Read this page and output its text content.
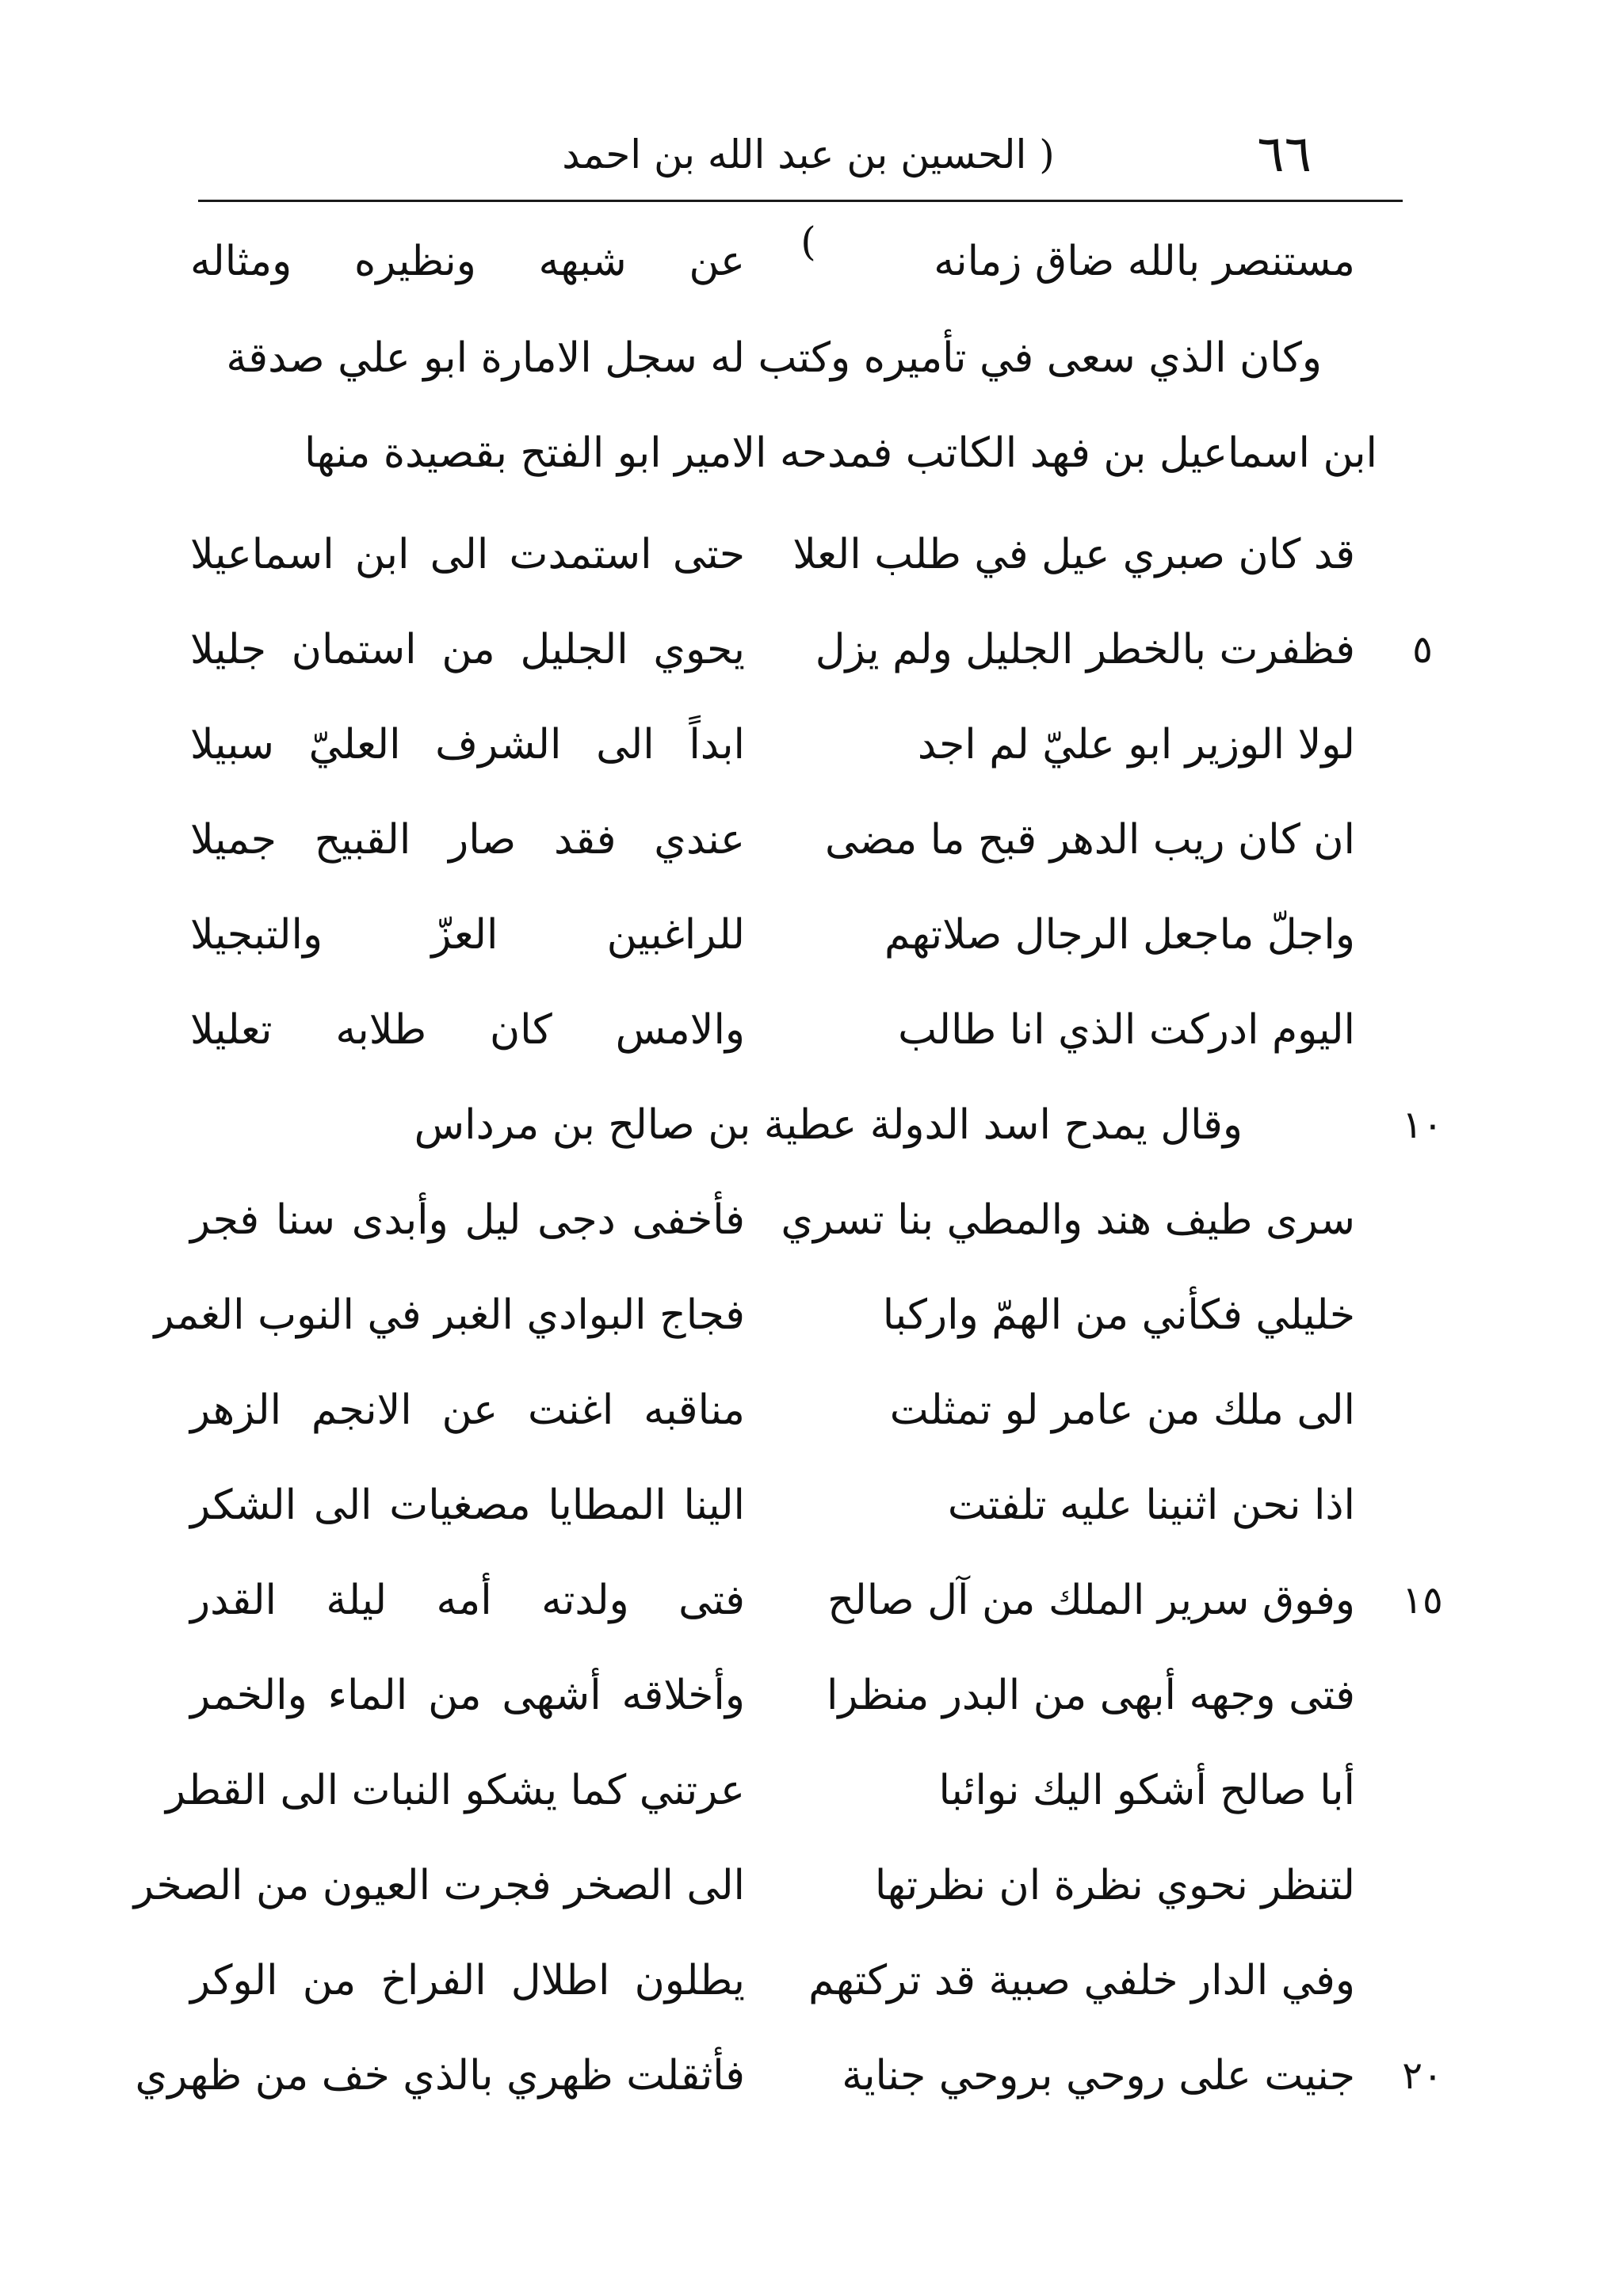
( الحسين بن عبد الله بن احمد )
٦٦
مستنصر بالله ضاق زمانه
عن شبهه ونظيره ومثاله
وكان الذي سعى في تأميره وكتب له سجل الامارة ابو علي صدقة
ابن اسماعيل بن فهد الكاتب فمدحه الامير ابو الفتح بقصيدة منها
قد كان صبري عيل في طلب العلا
حتى استمدت الى ابن اسماعيلا
فظفرت بالخطر الجليل ولم يزل
يحوي الجليل من استمان جليلا	٥
لولا الوزير ابو عليّ لم اجد
ابداً الى الشرف العليّ سبيلا
ان كان ريب الدهر قبح ما مضى
عندي فقد صار القبيح جميلا
واجلّ ماجعل الرجال صلاتهم
للراغبين العزّ والتبجيلا
اليوم ادركت الذي انا طالب
والامس كان طلابه تعليلا
وقال يمدح اسد الدولة عطية بن صالح بن مرداس	١٠
سرى طيف هند والمطي بنا تسري
فأخفى دجى ليل وأبدى سنا فجر
خليلي فكأني من الهمّ واركبا
فجاج البوادي الغبر في النوب الغمر
الى ملك من عامر لو تمثلت
مناقبه اغنت عن الانجم الزهر
اذا نحن اثنينا عليه تلفتت
الينا المطايا مصغيات الى الشكر
وفوق سرير الملك من آل صالح
فتى ولدته أمه ليلة القدر	١٥
فتى وجهه أبهى من البدر منظرا
وأخلاقه أشهى من الماء والخمر
أبا صالح أشكو اليك نوائبا
عرتني كما يشكو النبات الى القطر
لتنظر نحوي نظرة ان نظرتها
الى الصخر فجرت العيون من الصخر
وفي الدار خلفي صبية قد تركتهم
يطلون اطلال الفراخ من الوكر
جنيت على روحي بروحي جناية
فأثقلت ظهري بالذي خف من ظهري	٢٠
